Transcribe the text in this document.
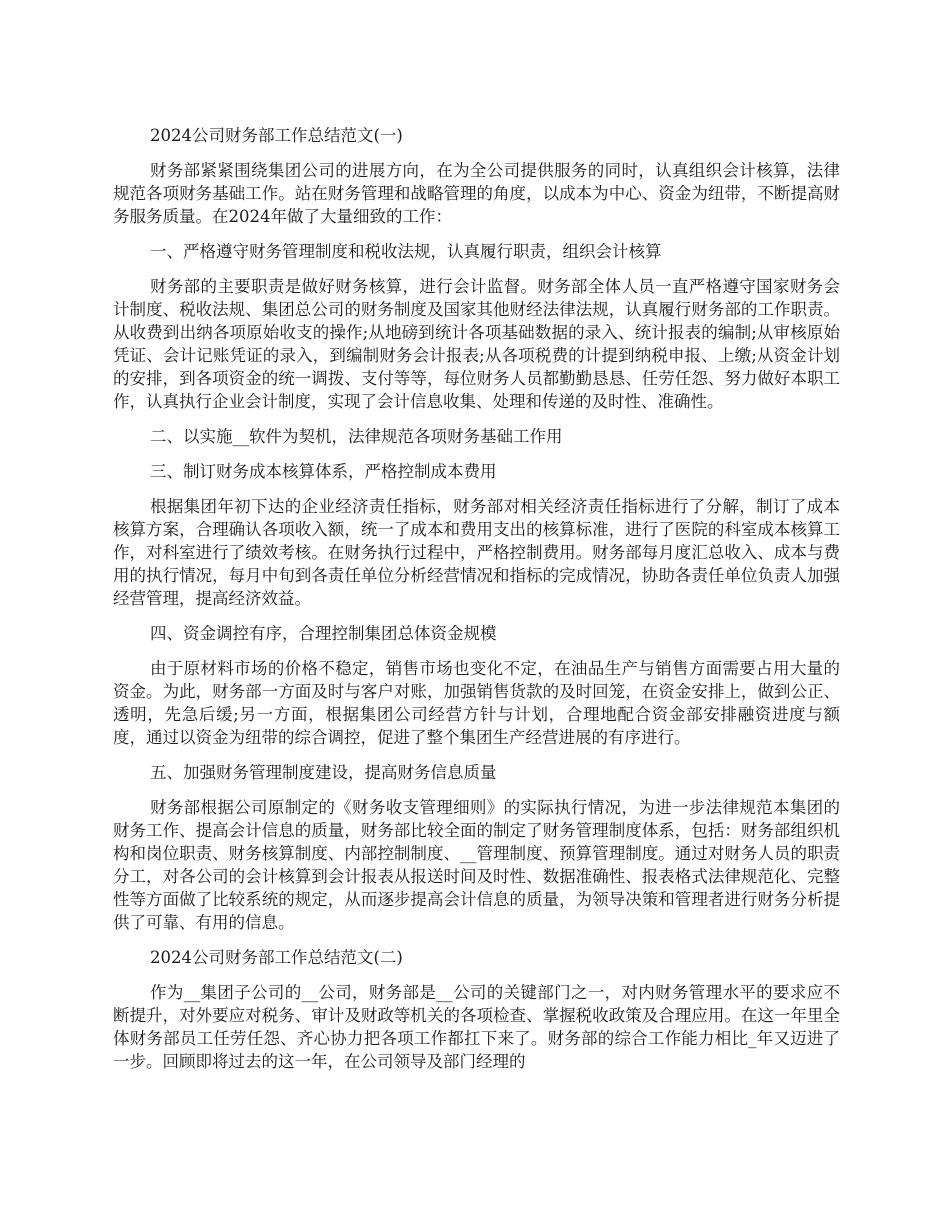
2024公司财务部工作总结范文(一)

财务部紧紧围绕集团公司的进展方向，在为全公司提供服务的同时，认真组织会计核算，法律规范各项财务基础工作。站在财务管理和战略管理的角度，以成本为中心、资金为纽带，不断提高财务服务质量。在2024年做了大量细致的工作：

一、严格遵守财务管理制度和税收法规，认真履行职责，组织会计核算

财务部的主要职责是做好财务核算，进行会计监督。财务部全体人员一直严格遵守国家财务会计制度、税收法规、集团总公司的财务制度及国家其他财经法律法规，认真履行财务部的工作职责。从收费到出纳各项原始收支的操作;从地磅到统计各项基础数据的录入、统计报表的编制;从审核原始凭证、会计记账凭证的录入，到编制财务会计报表;从各项税费的计提到纳税申报、上缴;从资金计划的安排，到各项资金的统一调拨、支付等等，每位财务人员都勤勤恳恳、任劳任怨、努力做好本职工作，认真执行企业会计制度，实现了会计信息收集、处理和传递的及时性、准确性。

二、以实施__软件为契机，法律规范各项财务基础工作用

三、制订财务成本核算体系，严格控制成本费用

根据集团年初下达的企业经济责任指标，财务部对相关经济责任指标进行了分解，制订了成本核算方案，合理确认各项收入额，统一了成本和费用支出的核算标准，进行了医院的科室成本核算工作，对科室进行了绩效考核。在财务执行过程中，严格控制费用。财务部每月度汇总收入、成本与费用的执行情况，每月中旬到各责任单位分析经营情况和指标的完成情况，协助各责任单位负责人加强经营管理，提高经济效益。

四、资金调控有序，合理控制集团总体资金规模

由于原材料市场的价格不稳定，销售市场也变化不定，在油品生产与销售方面需要占用大量的资金。为此，财务部一方面及时与客户对账，加强销售货款的及时回笼，在资金安排上，做到公正、透明，先急后缓;另一方面，根据集团公司经营方针与计划，合理地配合资金部安排融资进度与额度，通过以资金为纽带的综合调控，促进了整个集团生产经营进展的有序进行。

五、加强财务管理制度建设，提高财务信息质量

财务部根据公司原制定的《财务收支管理细则》的实际执行情况，为进一步法律规范本集团的财务工作、提高会计信息的质量，财务部比较全面的制定了财务管理制度体系，包括：财务部组织机构和岗位职责、财务核算制度、内部控制制度、__管理制度、预算管理制度。通过对财务人员的职责分工，对各公司的会计核算到会计报表从报送时间及时性、数据准确性、报表格式法律规范化、完整性等方面做了比较系统的规定，从而逐步提高会计信息的质量，为领导决策和管理者进行财务分析提供了可靠、有用的信息。

2024公司财务部工作总结范文(二)

作为__集团子公司的__公司，财务部是__公司的关键部门之一，对内财务管理水平的要求应不断提升，对外要应对税务、审计及财政等机关的各项检查、掌握税收政策及合理应用。在这一年里全体财务部员工任劳任怨、齐心协力把各项工作都扛下来了。财务部的综合工作能力相比_年又迈进了一步。回顾即将过去的这一年，在公司领导及部门经理的
